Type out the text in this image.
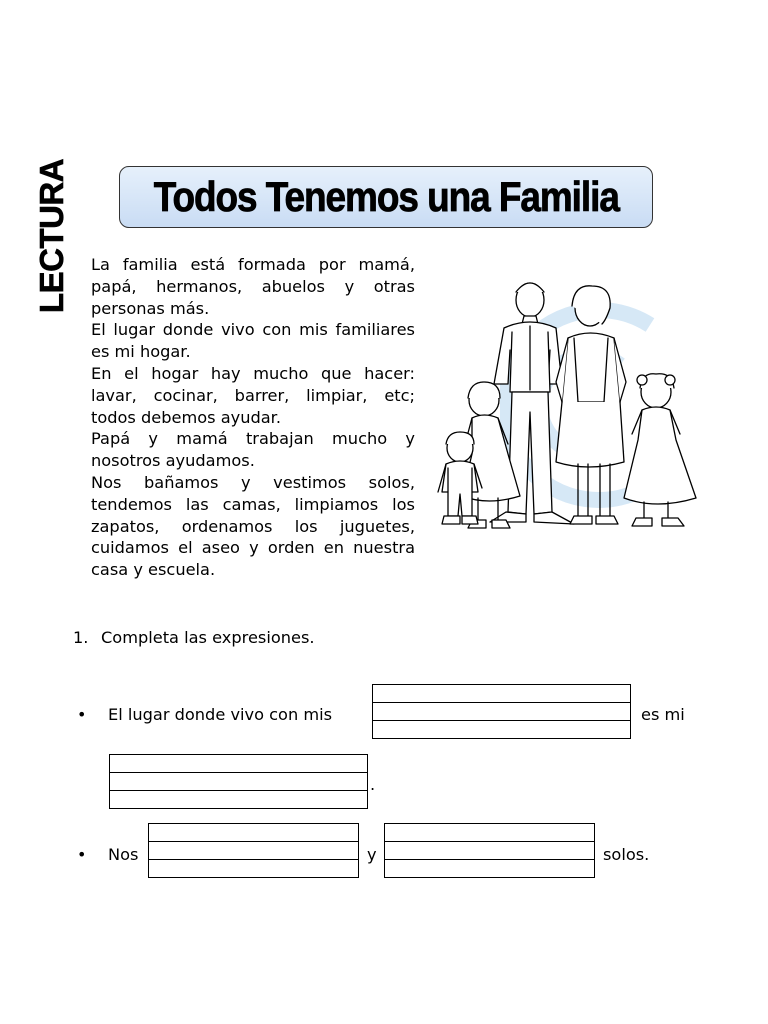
LECTURA Todos Tenemos una Familia

La familia está formada por mamá, papá, hermanos, abuelos y otras personas más.

El lugar donde vivo con mis familiares es mi hogar.

En el hogar hay mucho que hacer: lavar, cocinar, barrer, limpiar, etc; todos debemos ayudar.

Papá y mamá trabajan mucho y nosotros ayudamos.

Nos bañamos y vestimos solos, tendemos las camas, limpiamos los zapatos, ordenamos los juguetes, cuidamos el aseo y orden en nuestra casa y escuela.

1. Completa las expresiones.
• El lugar donde vivo con mis	es mi
.
• Nos	y	solos.
